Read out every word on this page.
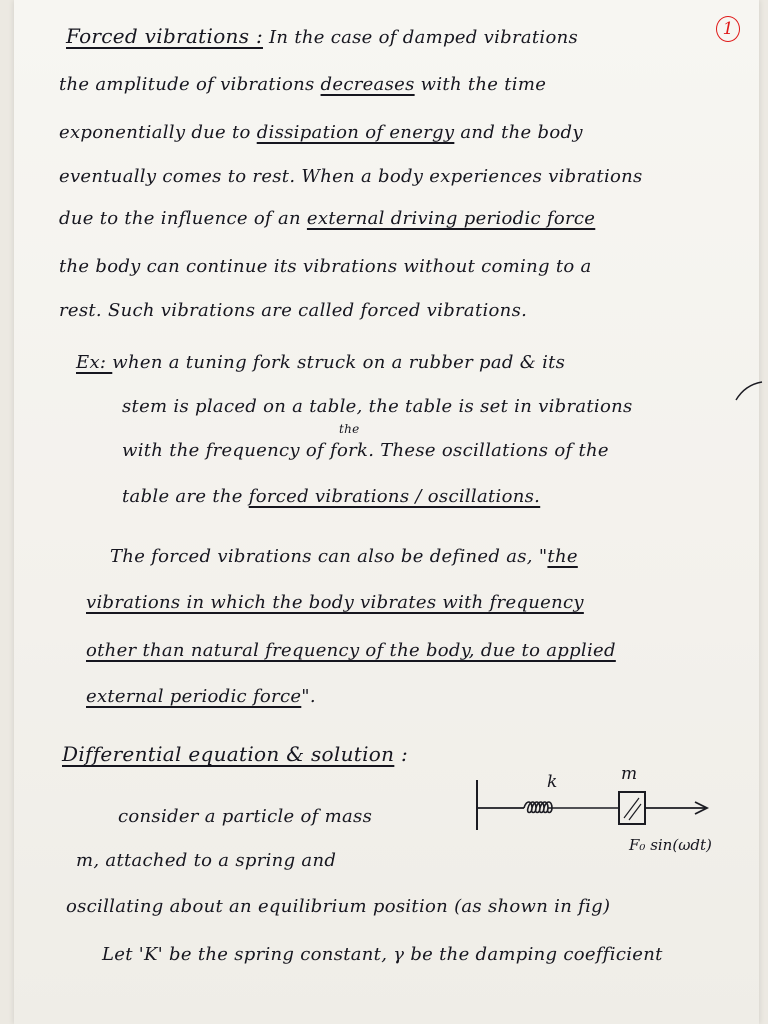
1
Forced vibrations : In the case of damped vibrations
the amplitude of vibrations decreases with the time
exponentially due to dissipation of energy and the body
eventually comes to rest. When a body experiences vibrations
due to the influence of an external driving periodic force
the body can continue its vibrations without coming to a
rest. Such vibrations are called forced vibrations.
Ex: when a tuning fork struck on a rubber pad & its
stem is placed on a table, the table is set in vibrations
the
with the frequency of fork. These oscillations of the
table are the forced vibrations / oscillations.
The forced vibrations can also be defined as, "the
vibrations in which the body vibrates with frequency
other than natural frequency of the body, due to applied
external periodic force".
Differential equation & solution :
consider a particle of mass
m, attached to a spring and
oscillating about an equilibrium position (as shown in fig)
Let 'K' be the spring constant, γ be the damping coefficient
k	m
F₀ sin(ωdt)
